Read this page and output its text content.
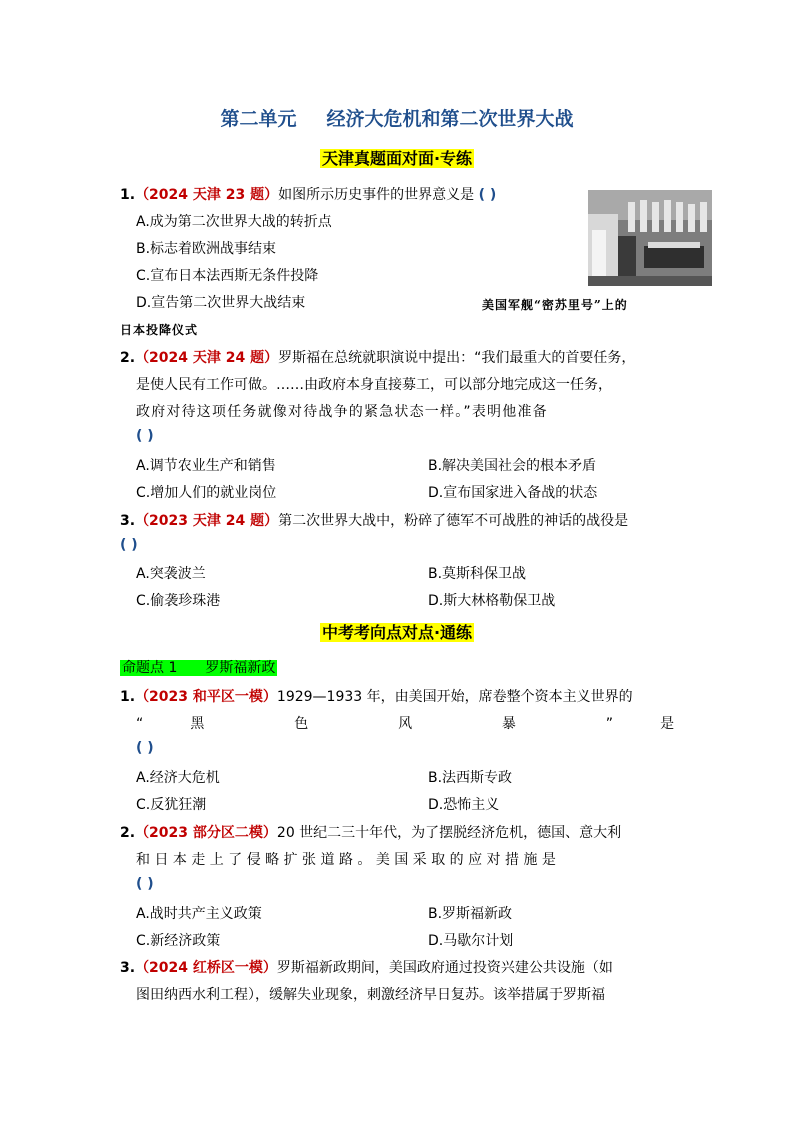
第二单元 经济大危机和第二次世界大战
天津真题面对面·专练
1.（2024 天津 23 题）如图所示历史事件的世界意义是 ( )
A.成为第二次世界大战的转折点
B.标志着欧洲战事结束
C.宣布日本法西斯无条件投降
D.宣告第二次世界大战结束	美国军舰“密苏里号”上的
日本投降仪式
2.（2024 天津 24 题）罗斯福在总统就职演说中提出：“我们最重大的首要任务，
是使人民有工作可做。……由政府本身直接募工，可以部分地完成这一任务，
政府对待这项任务就像对待战争的紧急状态一样。”表明他准备
( )
A.调节农业生产和销售	B.解决美国社会的根本矛盾
C.增加人们的就业岗位	D.宣布国家进入备战的状态
3.（2023 天津 24 题）第二次世界大战中，粉碎了德军不可战胜的神话的战役是
( )
A.突袭波兰	B.莫斯科保卫战
C.偷袭珍珠港	D.斯大林格勒保卫战
中考考向点对点·通练
命题点 1 罗斯福新政
1.（2023 和平区一模）1929—1933 年，由美国开始，席卷整个资本主义世界的
“	黑	色	风	暴	”	是
( )
A.经济大危机	B.法西斯专政
C.反犹狂潮	D.恐怖主义
2.（2023 部分区二模）20 世纪二三十年代，为了摆脱经济危机，德国、意大利
和 日 本 走 上 了 侵 略 扩 张 道 路 。 美 国 采 取 的 应 对 措 施 是
( )
A.战时共产主义政策	B.罗斯福新政
C.新经济政策	D.马歇尔计划
3.（2024 红桥区一模）罗斯福新政期间，美国政府通过投资兴建公共设施（如
图田纳西水利工程），缓解失业现象，刺激经济早日复苏。该举措属于罗斯福
